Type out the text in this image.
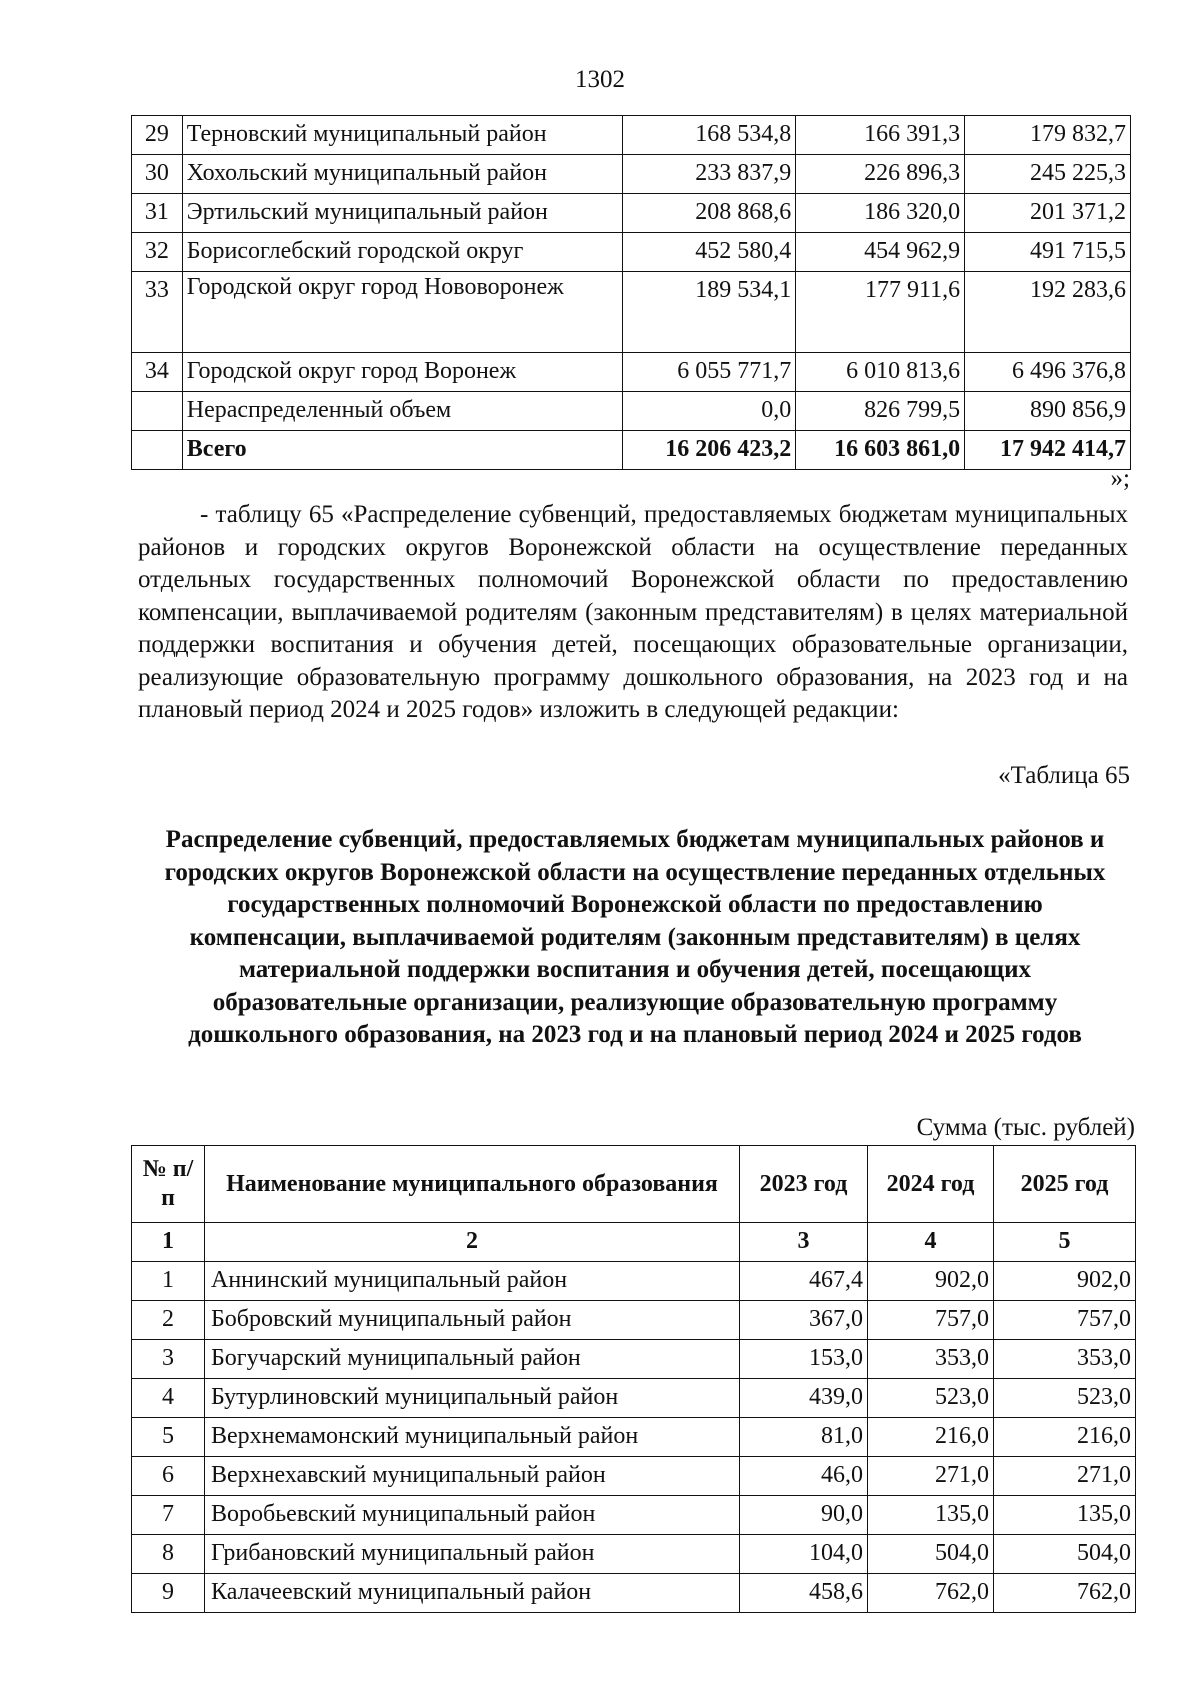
1302
29	Терновский муниципальный район	168 534,8	166 391,3	179 832,7
30	Хохольский муниципальный район	233 837,9	226 896,3	245 225,3
31	Эртильский муниципальный район	208 868,6	186 320,0	201 371,2
32	Борисоглебский городской округ	452 580,4	454 962,9	491 715,5
33	Городской округ город Нововоронеж	189 534,1	177 911,6	192 283,6
34	Городской округ город Воронеж	6 055 771,7	6 010 813,6	6 496 376,8
	Нераспределенный объем	0,0	826 799,5	890 856,9
	Всего	16 206 423,2	16 603 861,0	17 942 414,7
»;

- таблицу 65 «Распределение субвенций, предоставляемых бюджетам муниципальных районов и городских округов Воронежской области на осуществление переданных отдельных государственных полномочий Воронежской области по предоставлению компенсации, выплачиваемой родителям (законным представителям) в целях материальной поддержки воспитания и обучения детей, посещающих образовательные организации, реализующие образовательную программу дошкольного образования, на 2023 год и на плановый период 2024 и 2025 годов» изложить в следующей редакции:

«Таблица 65

Распределение субвенций, предоставляемых бюджетам муниципальных районов и городских округов Воронежской области на осуществление переданных отдельных государственных полномочий Воронежской области по предоставлению компенсации, выплачиваемой родителям (законным представителям) в целях материальной поддержки воспитания и обучения детей, посещающих образовательные организации, реализующие образовательную программу дошкольного образования, на 2023 год и на плановый период 2024 и 2025 годов

Сумма (тыс. рублей)
№ п/п	Наименование муниципального образования	2023 год	2024 год	2025 год
1	2	3	4	5
1	Аннинский муниципальный район	467,4	902,0	902,0
2	Бобровский муниципальный район	367,0	757,0	757,0
3	Богучарский муниципальный район	153,0	353,0	353,0
4	Бутурлиновский муниципальный район	439,0	523,0	523,0
5	Верхнемамонский муниципальный район	81,0	216,0	216,0
6	Верхнехавский муниципальный район	46,0	271,0	271,0
7	Воробьевский муниципальный район	90,0	135,0	135,0
8	Грибановский муниципальный район	104,0	504,0	504,0
9	Калачеевский муниципальный район	458,6	762,0	762,0
